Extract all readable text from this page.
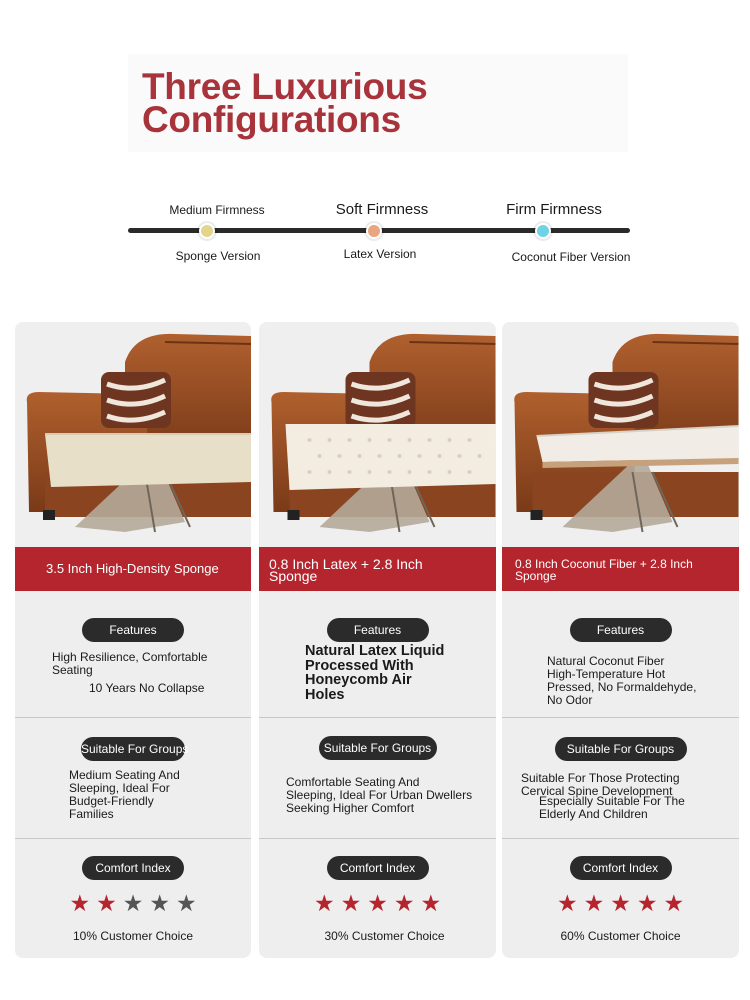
Three Luxurious
Configurations
Medium Firmness	Soft Firmness	Firm Firmness
Sponge Version	Latex Version	Coconut Fiber Version
3.5 Inch High-Density Sponge
Features
High Resilience, Comfortable
Seating
10 Years No Collapse
Suitable For Groups
Medium Seating And
Sleeping, Ideal For
Budget-Friendly
Families
Comfort Index
★ ★ ★ ★ ★
10% Customer Choice
0.8 Inch Latex + 2.8 Inch
Sponge
Features
Natural Latex Liquid
Processed With
Honeycomb Air
Holes
Suitable For Groups
Comfortable Seating And
Sleeping, Ideal For Urban Dwellers
Seeking Higher Comfort
Comfort Index
★ ★ ★ ★ ★
30% Customer Choice
0.8 Inch Coconut Fiber + 2.8 Inch
Sponge
Features
Natural Coconut Fiber
High-Temperature Hot
Pressed, No Formaldehyde,
No Odor
Suitable For Groups
Suitable For Those Protecting
Cervical Spine Development
Especially Suitable For The
Elderly And Children
Comfort Index
★ ★ ★ ★ ★
60% Customer Choice
